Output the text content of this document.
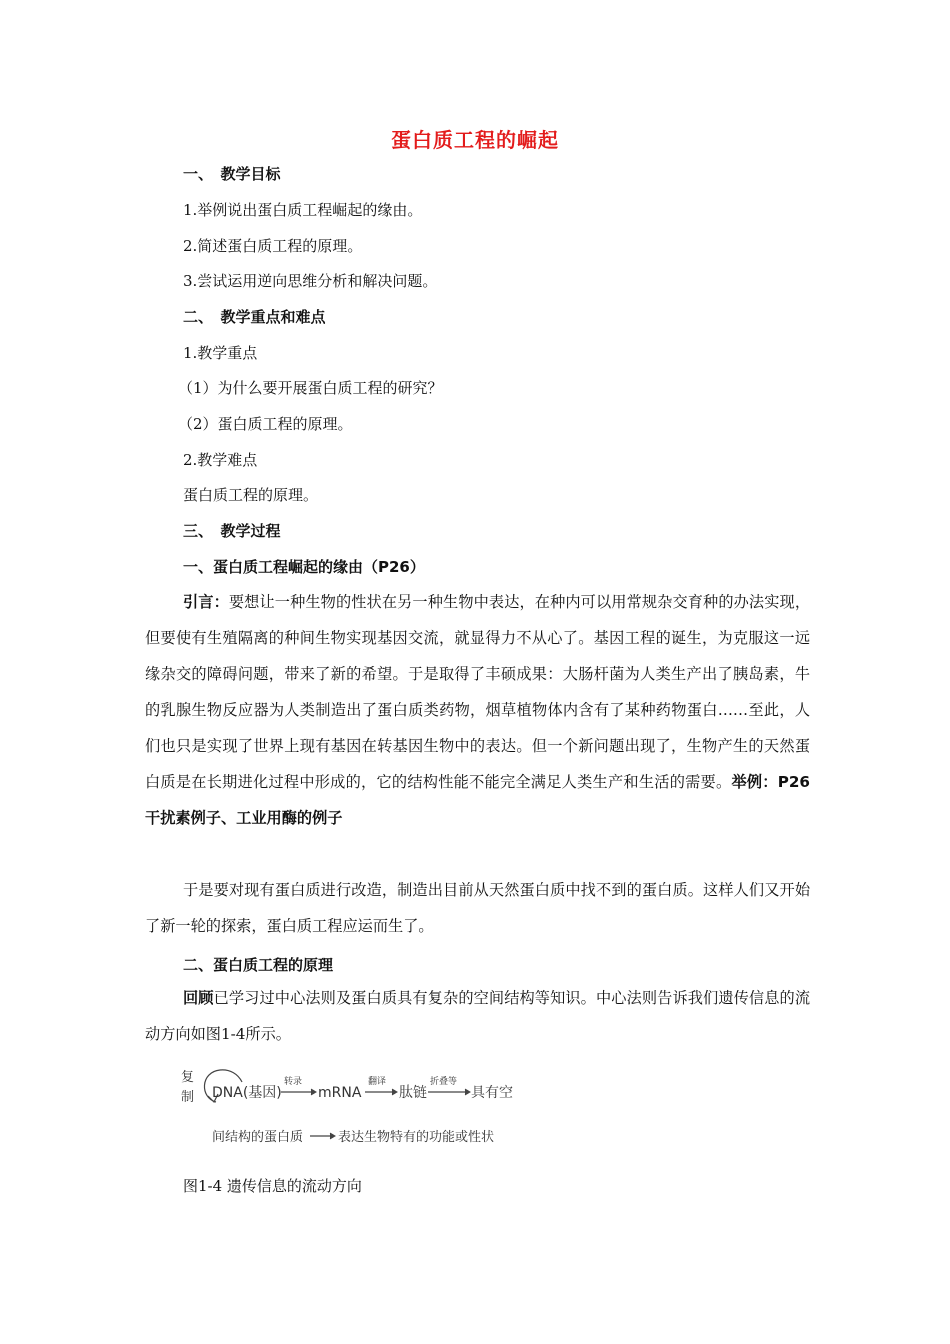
蛋白质工程的崛起
一、　教学目标
1.举例说出蛋白质工程崛起的缘由。
2.简述蛋白质工程的原理。
3.尝试运用逆向思维分析和解决问题。
二、　教学重点和难点
1.教学重点
（1）为什么要开展蛋白质工程的研究？
（2）蛋白质工程的原理。
2.教学难点
蛋白质工程的原理。
三、　教学过程
一、蛋白质工程崛起的缘由（P26）
引言：要想让一种生物的性状在另一种生物中表达，在种内可以用常规杂交育种的办法实现，但要使有生殖隔离的种间生物实现基因交流，就显得力不从心了。基因工程的诞生，为克服这一远缘杂交的障碍问题，带来了新的希望。于是取得了丰硕成果：大肠杆菌为人类生产出了胰岛素，牛的乳腺生物反应器为人类制造出了蛋白质类药物，烟草植物体内含有了某种药物蛋白……至此，人们也只是实现了世界上现有基因在转基因生物中的表达。但一个新问题出现了，生物产生的天然蛋白质是在长期进化过程中形成的，它的结构性能不能完全满足人类生产和生活的需要。举例：P26干扰素例子、工业用酶的例子
于是要对现有蛋白质进行改造，制造出目前从天然蛋白质中找不到的蛋白质。这样人们又开始了新一轮的探索，蛋白质工程应运而生了。
二、蛋白质工程的原理
回顾已学习过中心法则及蛋白质具有复杂的空间结构等知识。中心法则告诉我们遗传信息的流动方向如图1-4所示。
复
制 DNA(基因)
转录
mRNA
翻译
肽链
折叠等
具有空
间结构的蛋白质	表达生物特有的功能或性状
图1-4 遗传信息的流动方向
